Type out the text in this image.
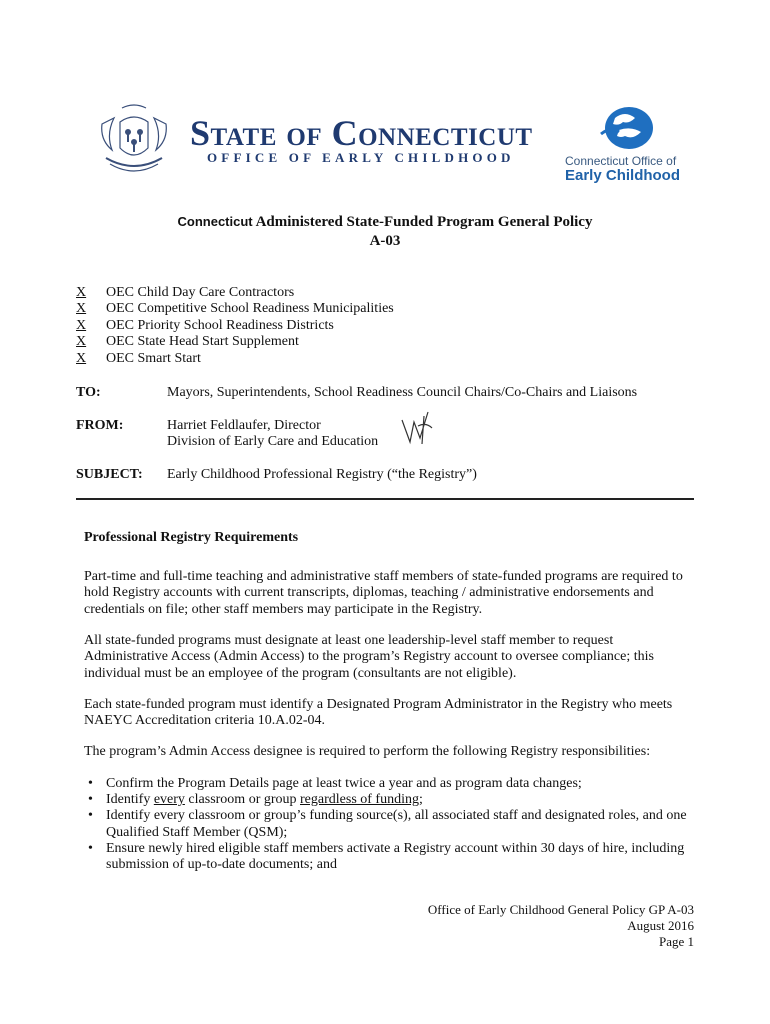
State of Connecticut
OFFICE OF EARLY CHILDHOOD	Connecticut Office of
Early Childhood
Connecticut Administered State-Funded Program General Policy
A-03
X	OEC Child Day Care Contractors
X	OEC Competitive School Readiness Municipalities
X	OEC Priority School Readiness Districts
X	OEC State Head Start Supplement
X	OEC Smart Start
TO:	Mayors, Superintendents, School Readiness Council Chairs/Co-Chairs and Liaisons
FROM:	Harriet Feldlaufer, Director
Division of Early Care and Education
SUBJECT: Early Childhood Professional Registry (“the Registry”)
Professional Registry Requirements
Part-time and full-time teaching and administrative staff members of state-funded programs are required to hold Registry accounts with current transcripts, diplomas, teaching / administrative endorsements and credentials on file; other staff members may participate in the Registry.
All state-funded programs must designate at least one leadership-level staff member to request Administrative Access (Admin Access) to the program’s Registry account to oversee compliance; this individual must be an employee of the program (consultants are not eligible).
Each state-funded program must identify a Designated Program Administrator in the Registry who meets NAEYC Accreditation criteria 10.A.02-04.
The program’s Admin Access designee is required to perform the following Registry responsibilities:

• Confirm the Program Details page at least twice a year and as program data changes;

• Identify every classroom or group regardless of funding;

• Identify every classroom or group’s funding source(s), all associated staff and designated roles, and one Qualified Staff Member (QSM);

• Ensure newly hired eligible staff members activate a Registry account within 30 days of hire, including submission of up-to-date documents; and

Office of Early Childhood General Policy GP A-03
August 2016
Page 1
